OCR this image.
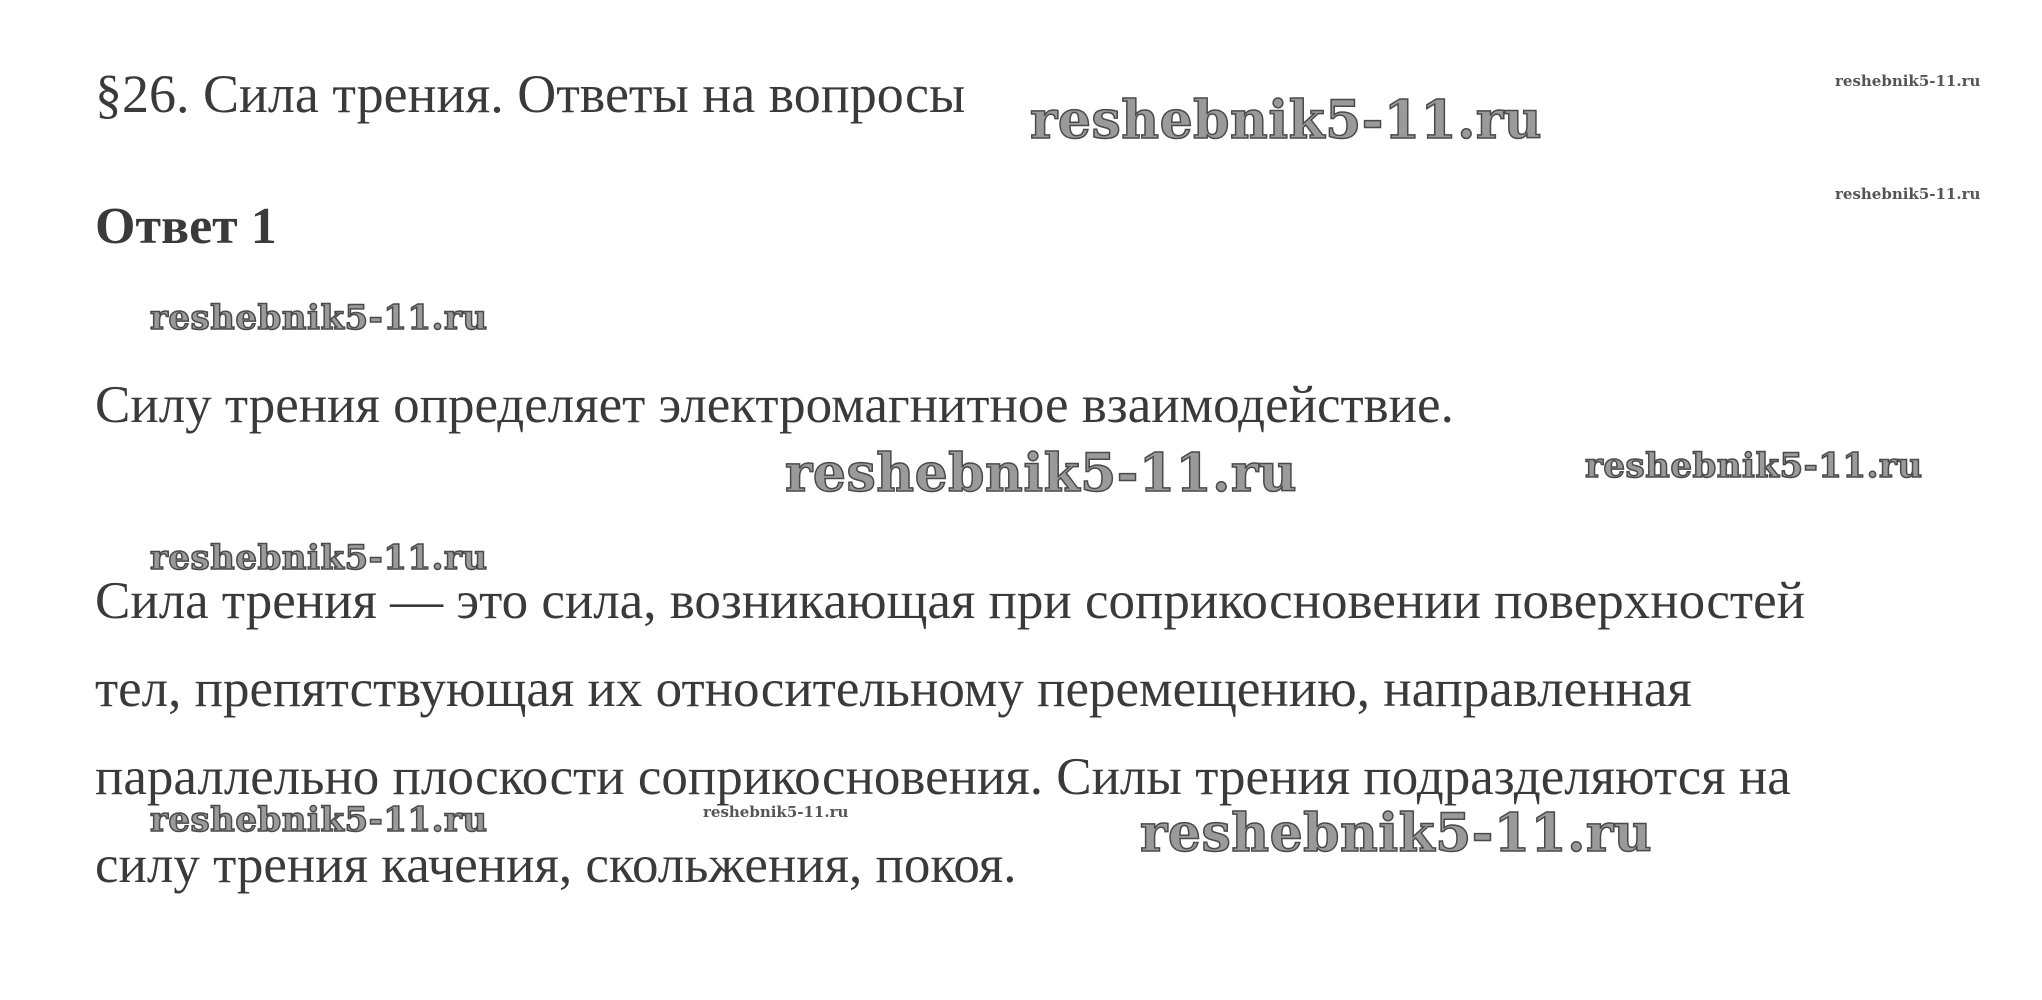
§26. Сила трения. Ответы на вопросы
Ответ 1

Силу трения определяет электромагнитное взаимодействие.

Сила трения — это сила, возникающая при соприкосновении поверхностей
тел, препятствующая их относительному перемещению, направленная
параллельно плоскости соприкосновения. Силы трения подразделяются на
силу трения качения, скольжения, покоя.

reshebnik5-11.ru
reshebnik5-11.ru
reshebnik5-11.ru
reshebnik5-11.ru
reshebnik5-11.ru	reshebnik5-11.ru
reshebnik5-11.ru
reshebnik5-11.ru	reshebnik5-11.ru	reshebnik5-11.ru
